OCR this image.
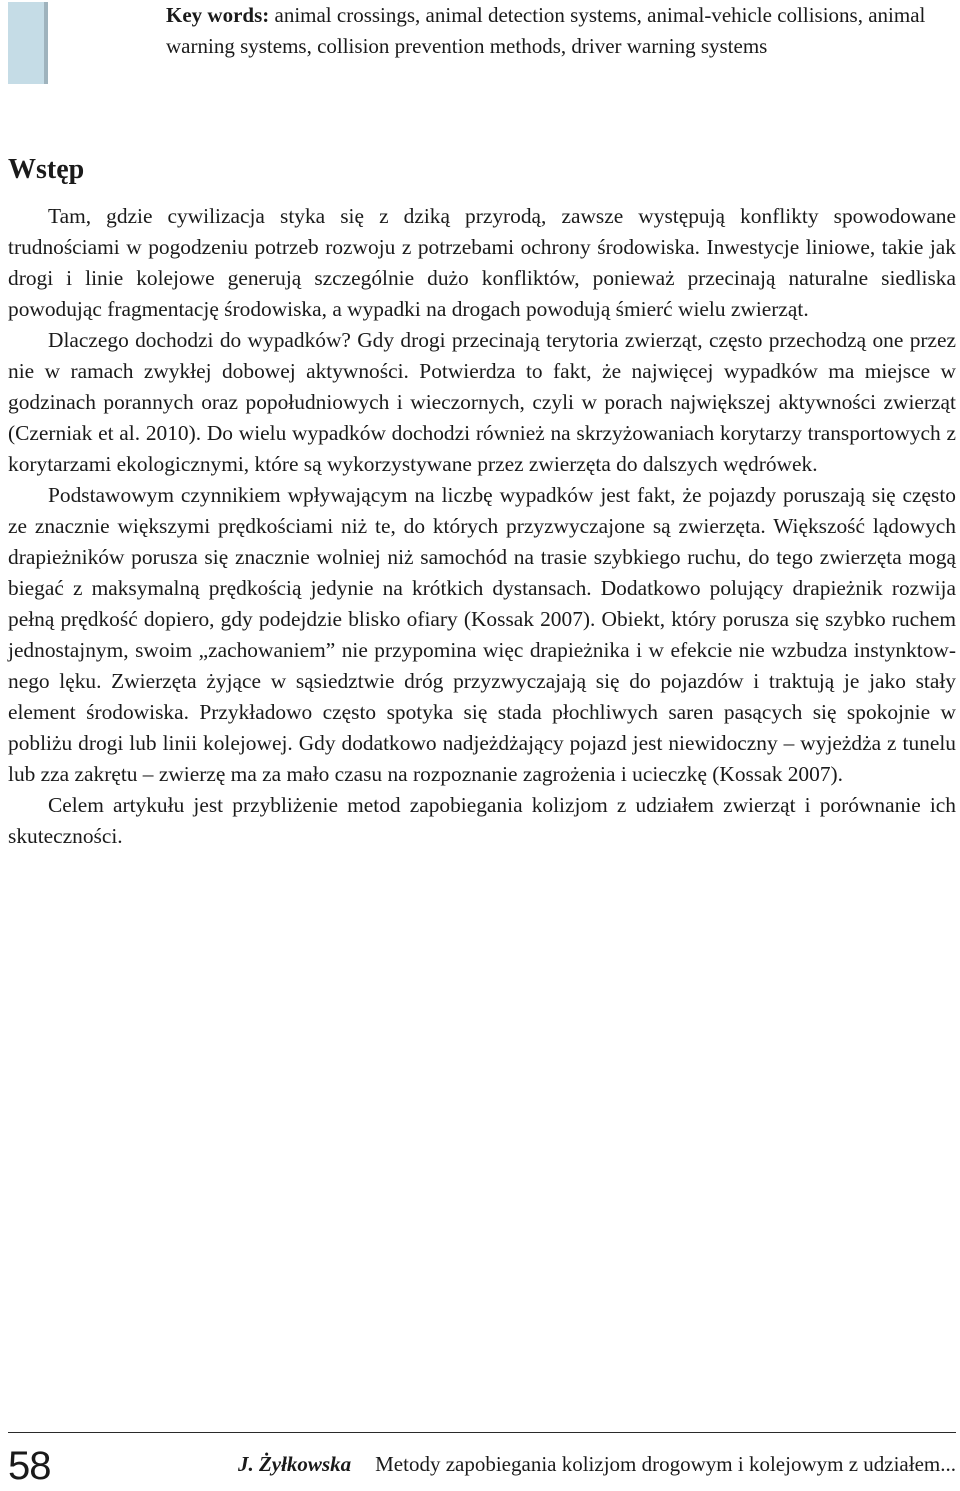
Key words: animal crossings, animal detection systems, animal-vehicle collisions, animal warning systems, collision prevention methods, driver warning systems
Wstęp

Tam, gdzie cywilizacja styka się z dziką przyrodą, zawsze występują konflikty spowodowane trudnościami w pogodzeniu potrzeb rozwoju z potrzebami ochrony środowiska. Inwestycje liniowe, takie jak drogi i linie kolejowe generują szczególnie dużo konfliktów, ponieważ przecinają naturalne siedliska powodując fragmentację środowiska, a wypadki na drogach powodują śmierć wielu zwierząt.

Dlaczego dochodzi do wypadków? Gdy drogi przecinają terytoria zwierząt, często przechodzą one przez nie w ramach zwykłej dobowej aktywności. Potwierdza to fakt, że najwięcej wypadków ma miejsce w godzinach porannych oraz popołudniowych i wieczornych, czyli w porach największej aktywności zwierząt (Czerniak et al. 2010). Do wielu wypadków dochodzi również na skrzyżowaniach korytarzy transportowych z korytarzami ekologicznymi, które są wykorzystywane przez zwierzęta do dalszych wędrówek.

Podstawowym czynnikiem wpływającym na liczbę wypadków jest fakt, że pojazdy poruszają się często ze znacznie większymi prędkościami niż te, do których przyzwyczajone są zwierzęta. Większość lądowych drapieżników porusza się znacznie wolniej niż samochód na trasie szybkiego ruchu, do tego zwierzęta mogą biegać z maksymalną prędkością jedynie na krótkich dystansach. Dodatkowo polujący drapieżnik rozwija pełną prędkość dopiero, gdy podejdzie blisko ofiary (Kossak 2007). Obiekt, który porusza się szybko ruchem jednostajnym, swoim „zachowaniem” nie przypomina więc drapieżnika i w efekcie nie wzbudza instynktownego lęku. Zwierzęta żyjące w sąsiedztwie dróg przyzwyczajają się do pojazdów i traktują je jako stały element środowiska. Przykładowo często spotyka się stada płochliwych saren pasących się spokojnie w pobliżu drogi lub linii kolejowej. Gdy dodatkowo nadjeżdżający pojazd jest niewidoczny – wyjeżdża z tunelu lub zza zakrętu – zwierzę ma za mało czasu na rozpoznanie zagrożenia i ucieczkę (Kossak 2007).

Celem artykułu jest przybliżenie metod zapobiegania kolizjom z udziałem zwierząt i porównanie ich skuteczności.

58	J. Żyłkowska Metody zapobiegania kolizjom drogowym i kolejowym z udziałem...
